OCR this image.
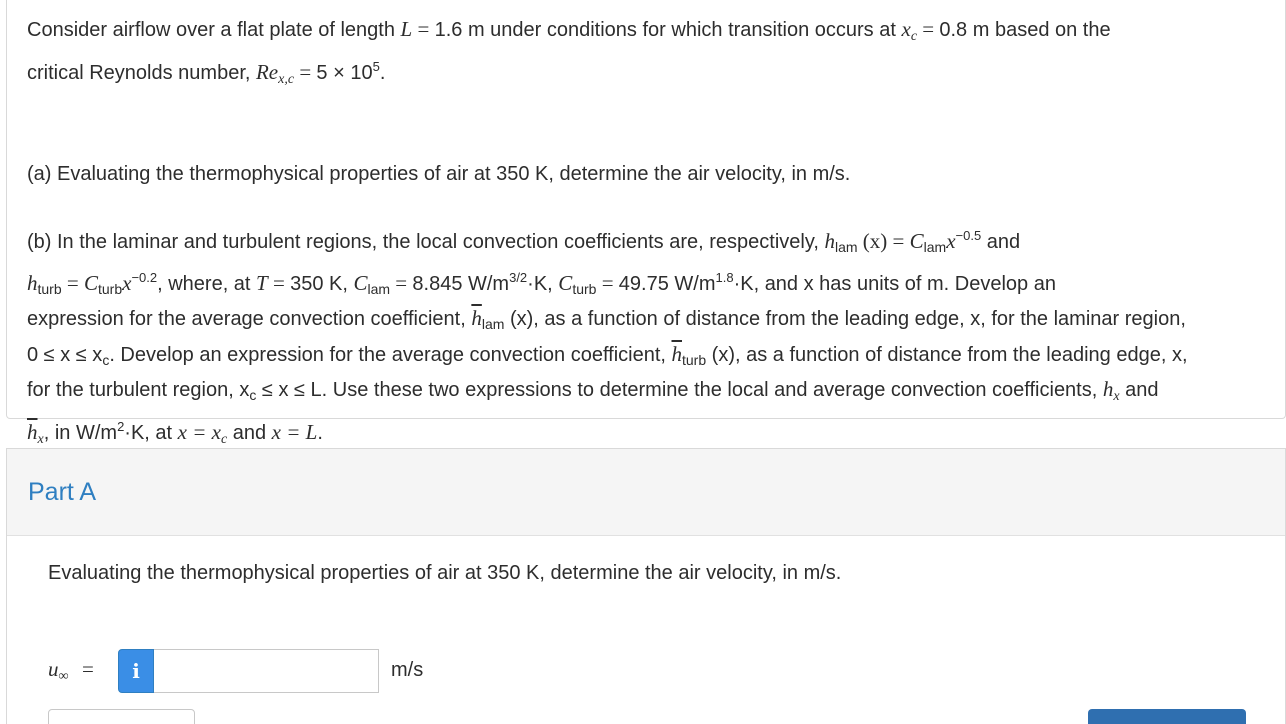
Consider airflow over a flat plate of length L = 1.6 m under conditions for which transition occurs at $x_c = 0.8$ m based on the
critical Reynolds number, $Re_{x,c} = 5 \times 10^5$.
(a) Evaluating the thermophysical properties of air at 350 K, determine the air velocity, in m/s.
(b) In the laminar and turbulent regions, the local convection coefficients are, respectively, $h_{lam}$ $(x) = C_{lam}x^{-0.5}$ and
$h_{turb} = C_{turb}x^{-0.2}$, where, at T = 350 K, $C_{lam} = 8.845$ $W/m^{3/2}\cdot K$, $C_{turb} = 49.75$ $W/m^{1.8}\cdot K$, and x has units of m. Develop an
expression for the average convection coefficient, $\overline{h}_{lam}$ (x), as a function of distance from the leading edge, x, for the laminar region,
$0 \le x \le x_c$. Develop an expression for the average convection coefficient, $\overline{h}_{turb}$ (x), as a function of distance from the leading edge, x,
for the turbulent region, $x_c \le x \le L$. Use these two expressions to determine the local and average convection coefficients, $h_x$ and
$\overline{h}_x$, in $W/m^2\cdot K$, at $x = x_c$ and x = L.
Part A
Evaluating the thermophysical properties of air at 350 K, determine the air velocity, in m/s.
$u_\infty$ =	i	m/s
